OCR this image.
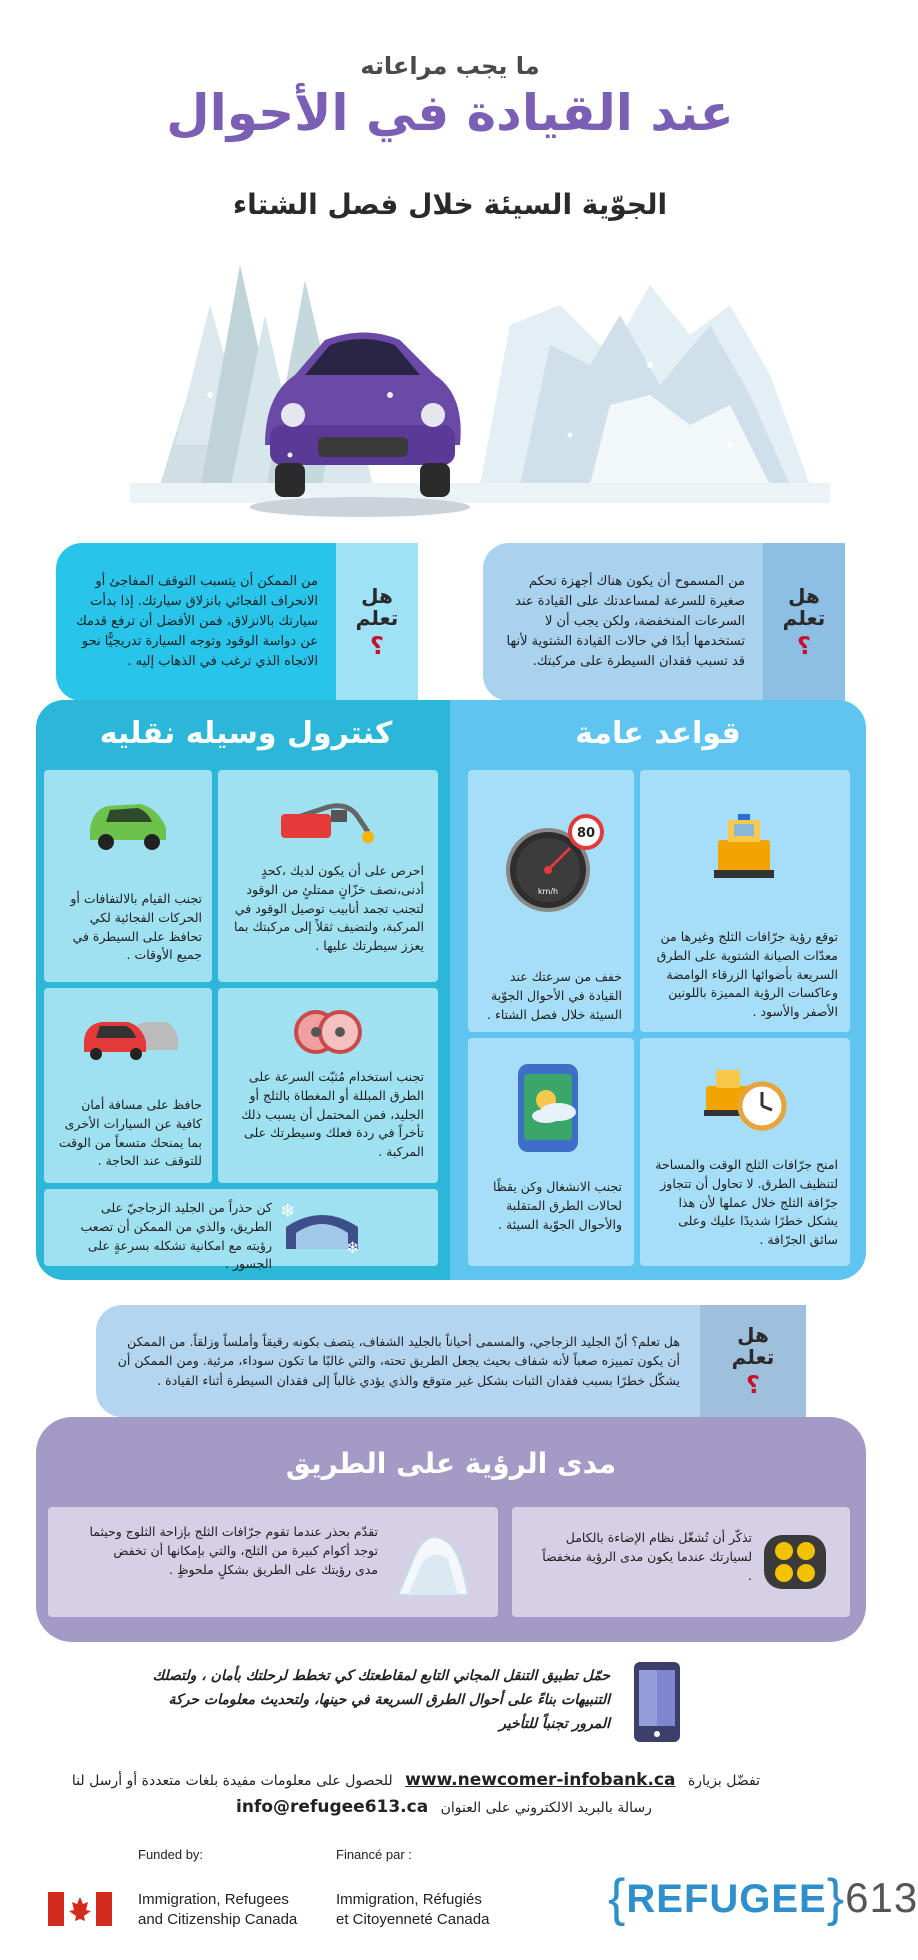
ما يجب مراعاته
عند القيادة في الأحوال
الجوّية السيئة خلال فصل الشتاء
هل تعلم
؟
من المسموح أن يكون هناك أجهزة تحكم صغيرة للسرعة لمساعدتك على القيادة عند السرعات المنخفضة، ولكن يجب أن لا تستخدمها أبدًا في حالات القيادة الشتوية لأنها قد تسبب فقدان السيطرة على مركبتك.
هل تعلم
؟
من الممكن أن يتسبب التوقف المفاجئ أو الانحراف الفجائي بانزلاق سيارتك. إذا بدأت سيارتك بالانزلاق، فمن الأفضل أن ترفع قدمك عن دواسة الوقود وتوجه السيارة تدريجيًّا نحو الاتجاه الذي ترغب في الذهاب إليه .
كنترول وسيله نقليه
احرص على أن يكون لديك ،كحدٍ أدنى،نصف خزّانٍ ممتلئٍ من الوقود لتجنب تجمد أنابيب توصيل الوقود في المركبة، ولتضيف ثقلاً إلى مركبتك بما يعزز سيطرتك عليها .
تجنب القيام بالالتفافات أو الحركات الفجائية لكي تحافظ على السيطرة في جميع الأوقات .
تجنب استخدام مُثبّت السرعة على الطرق المبللة أو المغطاة بالثلج أو الجليد، فمن المحتمل أن يسبب ذلك تأخراً في ردة فعلك وسيطرتك على المركبة .
حافظ على مسافة أمان كافية عن السيارات الأخرى بما يمنحك متسعاً من الوقت للتوقف عند الحاجة .
❄
❄
كن حذراً من الجليد الزجاجيّ على الطريق، والذي من الممكن أن تصعب رؤيته مع امكانية تشكله بسرعةٍ على الجسور .
قواعد عامة
توقع رؤية جرّافات الثلج وغيرها من معدّات الصيانة الشتوية على الطرق السريعة بأضوائها الزرقاء الوامضة وعاكسات الرؤية المميزة باللونين الأصفر والأسود .
km/h
80
خفف من سرعتك عند القيادة في الأحوال الجوّية السيئة خلال فصل الشتاء .
امنح جرّافات الثلج الوقت والمساحة لتنظيف الطرق. لا تحاول أن تتجاوز جرّافة الثلج خلال عملها لأن هذا يشكل خطرًا شديدًا عليك وعلى سائق الجرّافة .
تجنب الانشغال وكن يقظًا لحالات الطرق المتقلبة والأحوال الجوّية السيئة .
هل تعلم
؟
هل تعلم؟ أنّ الجليد الزجاجي، والمسمى أحياناً بالجليد الشفاف، يتصف بكونه رقيقاً وأملساً وزلقاً. من الممكن أن يكون تمييزه صعباً لأنه شفاف بحيث يجعل الطريق تحته، والتي غالبًا ما تكون سوداء، مرئية. ومن الممكن أن يشكّل خطرًا بسبب فقدان الثبات بشكل غير متوقع والذي يؤدي غالباً إلى فقدان السيطرة أثناء القيادة .
مدى الرؤية على الطريق
تذكّر أن تُشغّل نظام الإضاءة بالكامل لسيارتك عندما يكون مدى الرؤية منخفضاً .
تقدّم بحذر عندما تقوم جرّافات الثلج بإزاحة الثلوج وحيثما توجد أكوام كبيرة من الثلج، والتي بإمكانها أن تخفض مدى رؤيتك على الطريق بشكلٍ ملحوظٍ .
حمّل تطبيق التنقل المجاني التابع لمقاطعتك كي تخطط لرحلتك بأمان ، ولتصلك التنبيهات بناءً على أحوال الطرق السريعة في حينها، ولتحديث معلومات حركة المرور تجنباً للتأخير
تفضّل بزيارة www.newcomer-infobank.ca للحصول على معلومات مفيدة بلغات متعددة أو أرسل لنا
رسالة بالبريد الالكتروني على العنوان info@refugee613.ca
Funded by:	Financé par :
Immigration, Refugees
and Citizenship Canada
Immigration, Réfugiés
et Citoyenneté Canada {REFUGEE}613
